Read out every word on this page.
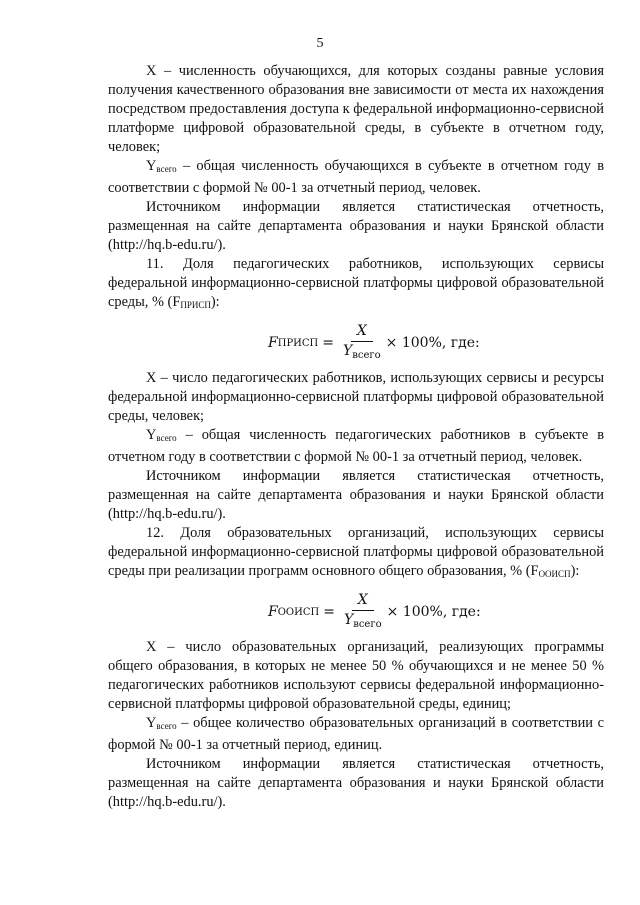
5

X – численность обучающихся, для которых созданы равные условия получения качественного образования вне зависимости от места их нахождения посредством предоставления доступа к федеральной информационно-сервисной платформе цифровой образовательной среды, в субъекте в отчетном году, человек;

Yвсего – общая численность обучающихся в субъекте в отчетном году в соответствии с формой № 00-1 за отчетный период, человек.

Источником информации является статистическая отчетность, размещенная на сайте департамента образования и науки Брянской области (http://hq.b-edu.ru/).

11. Доля педагогических работников, использующих сервисы федеральной информационно-сервисной платформы цифровой образовательной среды, % (FПРИСП):

F ПРИСП = $\frac{X}{Y_{всего}} \times 100\%$, где:

X – число педагогических работников, использующих сервисы и ресурсы федеральной информационно-сервисной платформы цифровой образовательной среды, человек;

Yвсего – общая численность педагогических работников в субъекте в отчетном году в соответствии с формой № 00-1 за отчетный период, человек.

Источником информации является статистическая отчетность, размещенная на сайте департамента образования и науки Брянской области (http://hq.b-edu.ru/).

12. Доля образовательных организаций, использующих сервисы федеральной информационно-сервисной платформы цифровой образовательной среды при реализации программ основного общего образования, % (FООИСП):

F ООИСП = $\frac{X}{Y_{всего}} \times 100\%$, где:

X – число образовательных организаций, реализующих программы общего образования, в которых не менее 50 % обучающихся и не менее 50 % педагогических работников используют сервисы федеральной информационно-сервисной платформы цифровой образовательной среды, единиц;

Yвсего – общее количество образовательных организаций в соответствии с формой № 00-1 за отчетный период, единиц.

Источником информации является статистическая отчетность, размещенная на сайте департамента образования и науки Брянской области (http://hq.b-edu.ru/).
